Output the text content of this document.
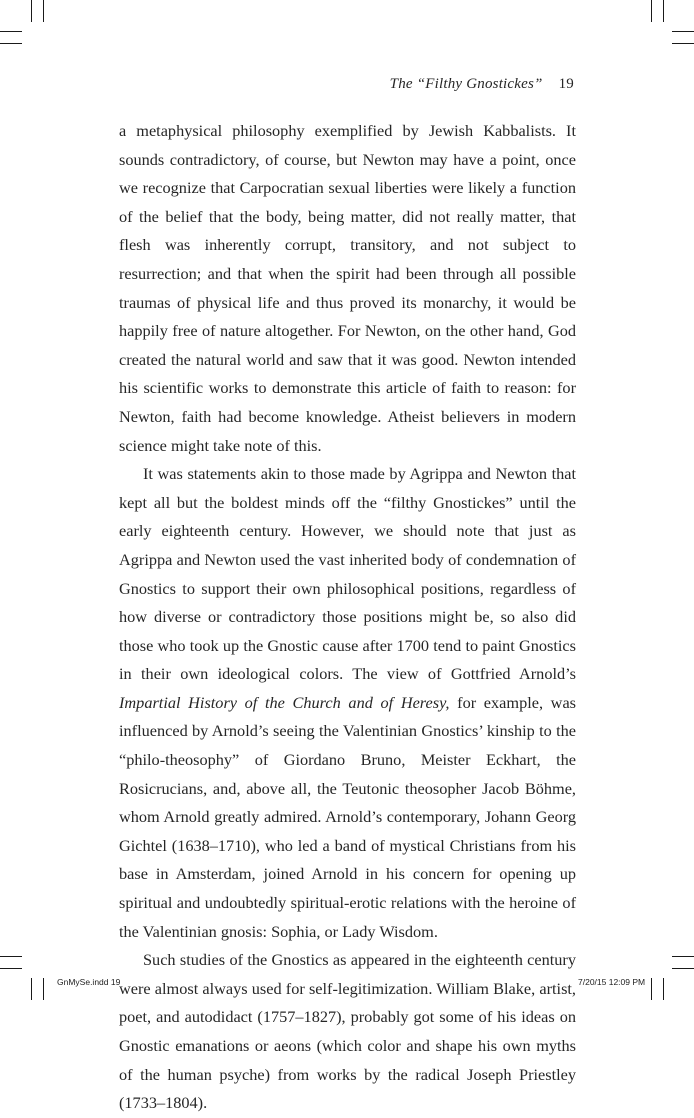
The “Filthy Gnostickes” 19

a metaphysical philosophy exemplified by Jewish Kabbalists. It sounds contradictory, of course, but Newton may have a point, once we recognize that Carpocratian sexual liberties were likely a function of the belief that the body, being matter, did not really matter, that flesh was inherently corrupt, transitory, and not subject to resurrection; and that when the spirit had been through all possible traumas of physical life and thus proved its monarchy, it would be happily free of nature altogether. For Newton, on the other hand, God created the natural world and saw that it was good. Newton intended his scientific works to demonstrate this article of faith to reason: for Newton, faith had become knowledge. Atheist believers in modern science might take note of this.

It was statements akin to those made by Agrippa and Newton that kept all but the boldest minds off the “filthy Gnostickes” until the early eighteenth century. However, we should note that just as Agrippa and Newton used the vast inherited body of condemnation of Gnostics to support their own philosophical positions, regardless of how diverse or contradictory those positions might be, so also did those who took up the Gnostic cause after 1700 tend to paint Gnostics in their own ideological colors. The view of Gottfried Arnold’s Impartial History of the Church and of Heresy, for example, was influenced by Arnold’s seeing the Valentinian Gnostics’ kinship to the “philo-theosophy” of Giordano Bruno, Meister Eckhart, the Rosicrucians, and, above all, the Teutonic theosopher Jacob Böhme, whom Arnold greatly admired. Arnold’s contemporary, Johann Georg Gichtel (1638–1710), who led a band of mystical Christians from his base in Amsterdam, joined Arnold in his concern for opening up spiritual and undoubtedly spiritual-erotic relations with the heroine of the Valentinian gnosis: Sophia, or Lady Wisdom.

Such studies of the Gnostics as appeared in the eighteenth century were almost always used for self-legitimization. William Blake, artist, poet, and autodidact (1757–1827), probably got some of his ideas on Gnostic emanations or aeons (which color and shape his own myths of the human psyche) from works by the radical Joseph Priestley (1733–1804).

GnMySe.indd 19	7/20/15 12:09 PM
